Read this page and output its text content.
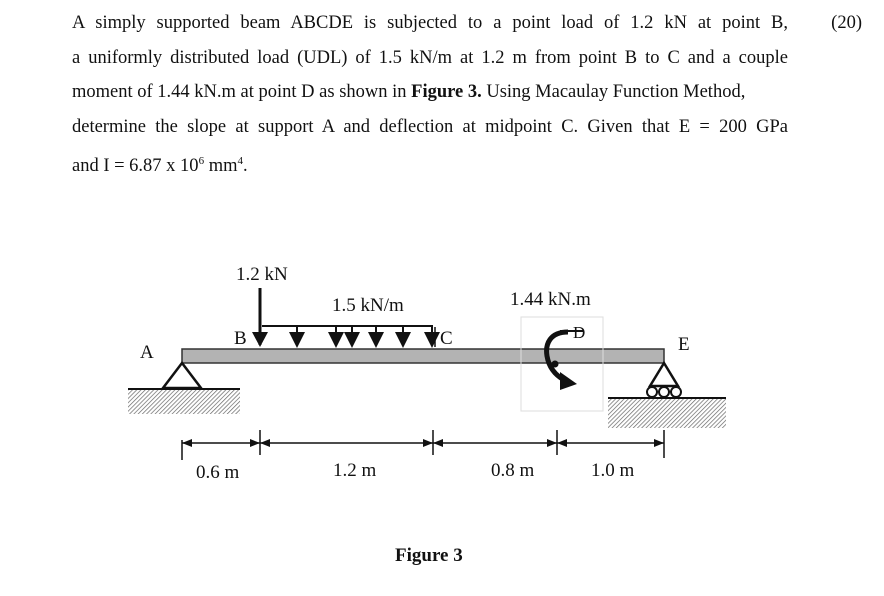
A simply supported beam ABCDE is subjected to a point load of 1.2 kN at point B,
a uniformly distributed load (UDL) of 1.5 kN/m at 1.2 m from point B to C and a couple
moment of 1.44 kN.m at point D as shown in Figure 3. Using Macaulay Function Method,
determine the slope at support A and deflection at midpoint C. Given that E = 200 GPa
and I = 6.87 x $10^6$ $mm^4$.
(20)
1.2 kN
1.5 kN/m	1.44 kN.m
A
B	C	D
E
0.6 m	1.2 m	0.8 m	1.0 m
Figure 3
